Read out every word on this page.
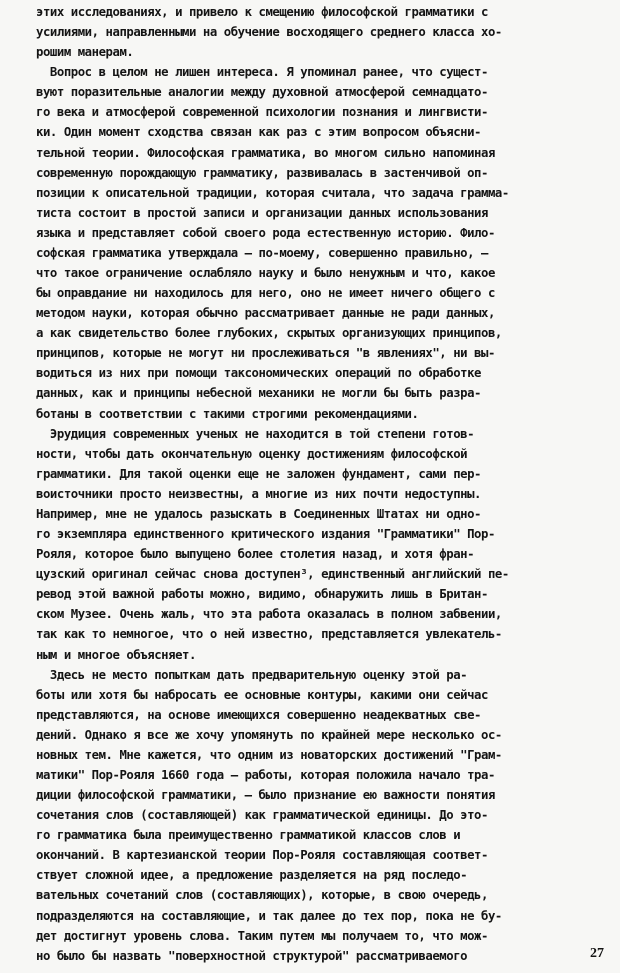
этих исследованиях, и привело к смещению философской грамматики с
усилиями, направленными на обучение восходящего среднего класса хо-
рошим манерам.
Вопрос в целом не лишен интереса. Я упоминал ранее, что сущест-
вуют поразительные аналогии между духовной атмосферой семнадцато-
го века и атмосферой современной психологии познания и лингвисти-
ки. Один момент сходства связан как раз с этим вопросом объясни-
тельной теории. Философская грамматика, во многом сильно напоминая
современную порождающую грамматику, развивалась в застенчивой оп-
позиции к описательной традиции, которая считала, что задача грамма-
тиста состоит в простой записи и организации данных использования
языка и представляет собой своего рода естественную историю. Фило-
софская грамматика утверждала – по-моему, совершенно правильно, –
что такое ограничение ослабляло науку и было ненужным и что, какое
бы оправдание ни находилось для него, оно не имеет ничего общего с
методом науки, которая обычно рассматривает данные не ради данных,
а как свидетельство более глубоких, скрытых организующих принципов,
принципов, которые не могут ни прослеживаться "в явлениях", ни вы-
водиться из них при помощи таксономических операций по обработке
данных, как и принципы небесной механики не могли бы быть разра-
ботаны в соответствии с такими строгими рекомендациями.
Эрудиция современных ученых не находится в той степени готов-
ности, чтобы дать окончательную оценку достижениям философской
грамматики. Для такой оценки еще не заложен фундамент, сами пер-
воисточники просто неизвестны, а многие из них почти недоступны.
Например, мне не удалось разыскать в Соединенных Штатах ни одно-
го экземпляра единственного критического издания "Грамматики" Пор-
Рояля, которое было выпущено более столетия назад, и хотя фран-
цузский оригинал сейчас снова доступен³, единственный английский пе-
ревод этой важной работы можно, видимо, обнаружить лишь в Британ-
ском Музее. Очень жаль, что эта работа оказалась в полном забвении,
так как то немногое, что о ней известно, представляется увлекатель-
ным и многое объясняет.
Здесь не место попыткам дать предварительную оценку этой ра-
боты или хотя бы набросать ее основные контуры, какими они сейчас
представляются, на основе имеющихся совершенно неадекватных све-
дений. Однако я все же хочу упомянуть по крайней мере несколько ос-
новных тем. Мне кажется, что одним из новаторских достижений "Грам-
матики" Пор-Рояля 1660 года – работы, которая положила начало тра-
диции философской грамматики, – было признание ею важности понятия
сочетания слов (составляющей) как грамматической единицы. До это-
го грамматика была преимущественно грамматикой классов слов и
окончаний. В картезианской теории Пор-Рояля составляющая соответ-
ствует сложной идее, а предложение разделяется на ряд последо-
вательных сочетаний слов (составляющих), которые, в свою очередь,
подразделяются на составляющие, и так далее до тех пор, пока не бу-
дет достигнут уровень слова. Таким путем мы получаем то, что мож-
но было бы назвать "поверхностной структурой" рассматриваемого	27
